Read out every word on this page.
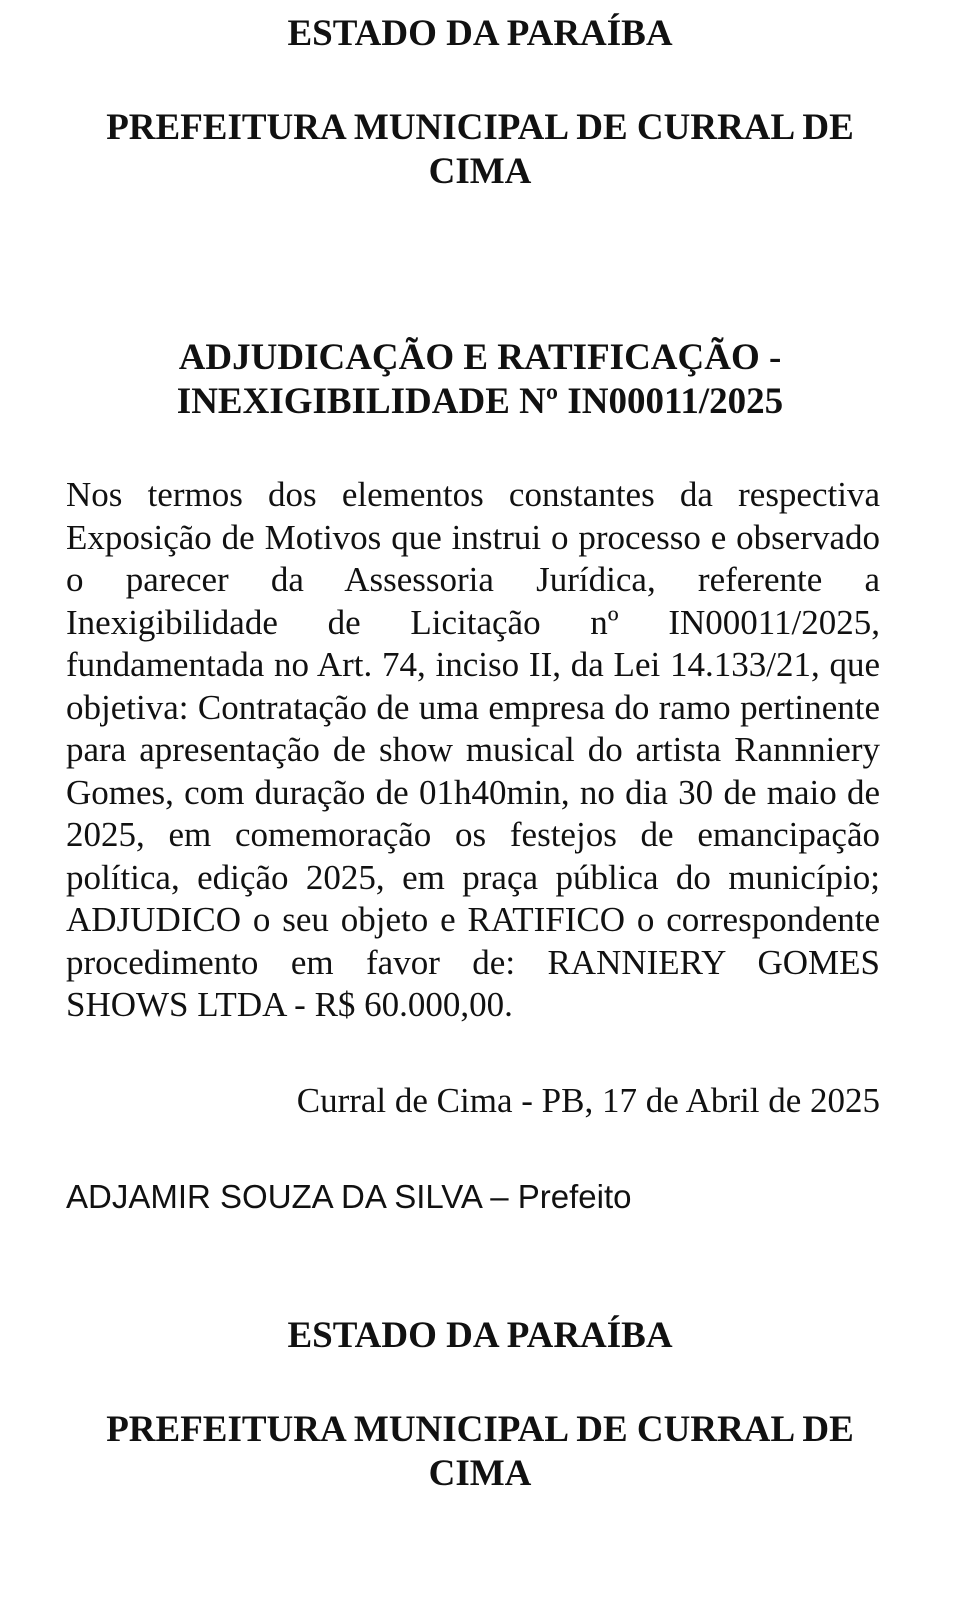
ESTADO DA PARAÍBA

PREFEITURA MUNICIPAL DE CURRAL DE CIMA

ADJUDICAÇÃO E RATIFICAÇÃO - INEXIGIBILIDADE Nº IN00011/2025

Nos termos dos elementos constantes da respectiva Exposição de Motivos que instrui o processo e observado o parecer da Assessoria Jurídica, referente a Inexigibilidade de Licitação nº IN00011/2025, fundamentada no Art. 74, inciso II, da Lei 14.133/21, que objetiva: Contratação de uma empresa do ramo pertinente para apresentação de show musical do artista Rannniery Gomes, com duração de 01h40min, no dia 30 de maio de 2025, em comemoração os festejos de emancipação política, edição 2025, em praça pública do município; ADJUDICO o seu objeto e RATIFICO o correspondente procedimento em favor de: RANNIERY GOMES SHOWS LTDA - R$ 60.000,00.

Curral de Cima - PB, 17 de Abril de 2025

ADJAMIR SOUZA DA SILVA – Prefeito

ESTADO DA PARAÍBA

PREFEITURA MUNICIPAL DE CURRAL DE CIMA
